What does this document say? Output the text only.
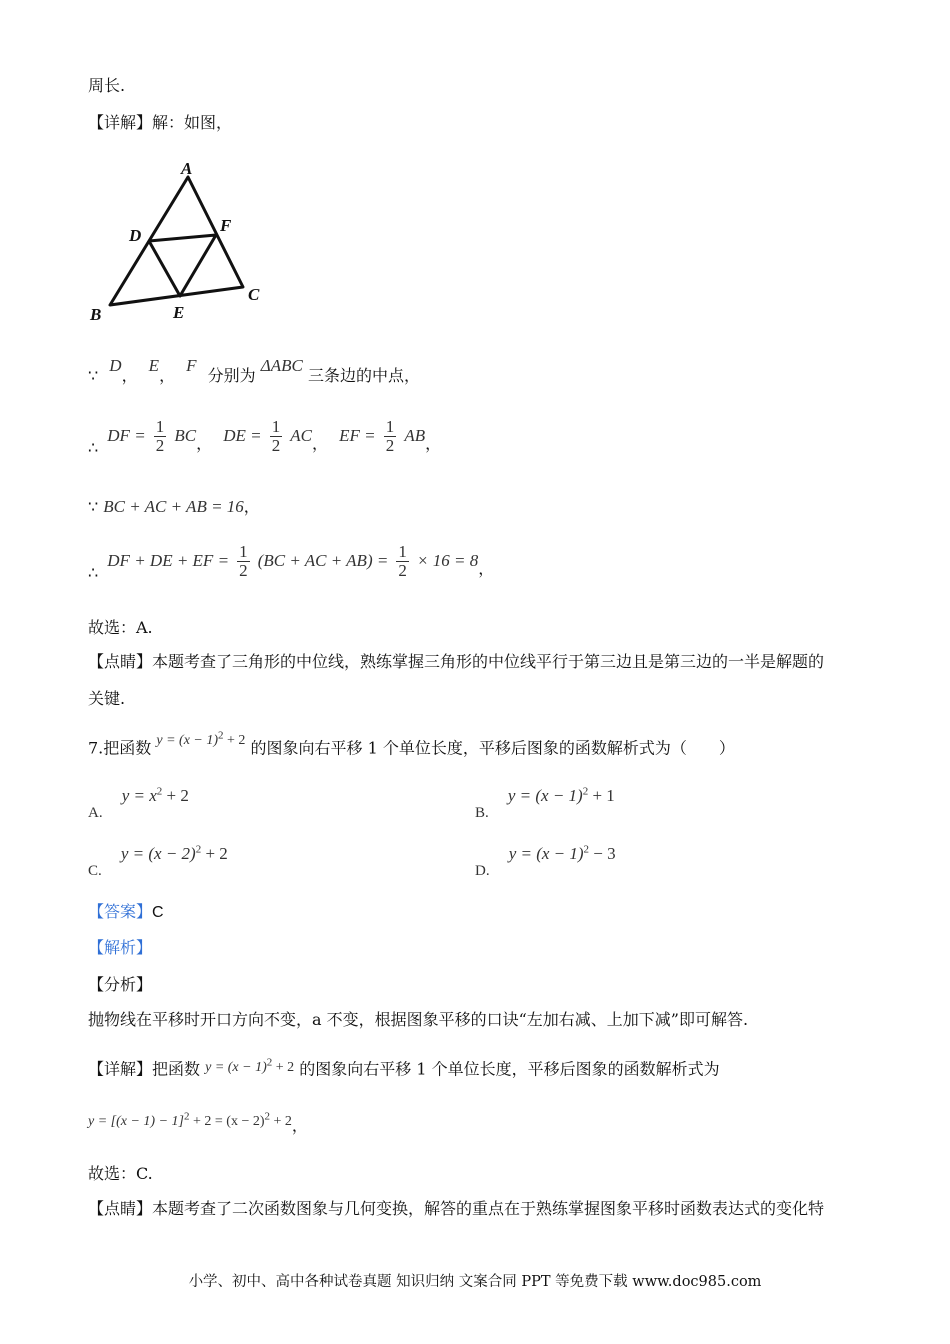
周长.
【详解】解：如图，
A
D
F
B	E
C
∵ D， E， F 分别为 ΔABC 三条边的中点，
∴ DF = $\frac{1}{2}$ BC， DE = $\frac{1}{2}$ AC， EF = $\frac{1}{2}$ AB，
∵ BC + AC + AB = 16，
∴ DF + DE + EF = $\frac{1}{2} (BC$ + AC + $AB) = \frac{1}{2} \times 16 = 8$，
故选：A.
【点睛】本题考查了三角形的中位线，熟练掌握三角形的中位线平行于第三边且是第三边的一半是解题的
关键.
7.把函数 $y = (x - 1)^2 + 2$ 的图象向右平移 1 个单位长度，平移后图象的函数解析式为（　　）
A. $y = x^2 + 2$
B. $y = (x - 1)^2 + 1$
C. $y = (x - 2)^2 + 2$
D. $y = (x - 1)^2 - 3$
【答案】C
【解析】
【分析】
抛物线在平移时开口方向不变，a 不变，根据图象平移的口诀“左加右减、上加下减”即可解答.
【详解】把函数 $y = (x - 1)^2 + 2$ 的图象向右平移 1 个单位长度，平移后图象的函数解析式为
$y = [(x - 1) - 1]^2 + 2 = (x - 2)^2 + 2$，
故选：C.
【点睛】本题考查了二次函数图象与几何变换，解答的重点在于熟练掌握图象平移时函数表达式的变化特
小学、初中、高中各种试卷真题 知识归纳 文案合同 PPT 等免费下载 www.doc985.com
